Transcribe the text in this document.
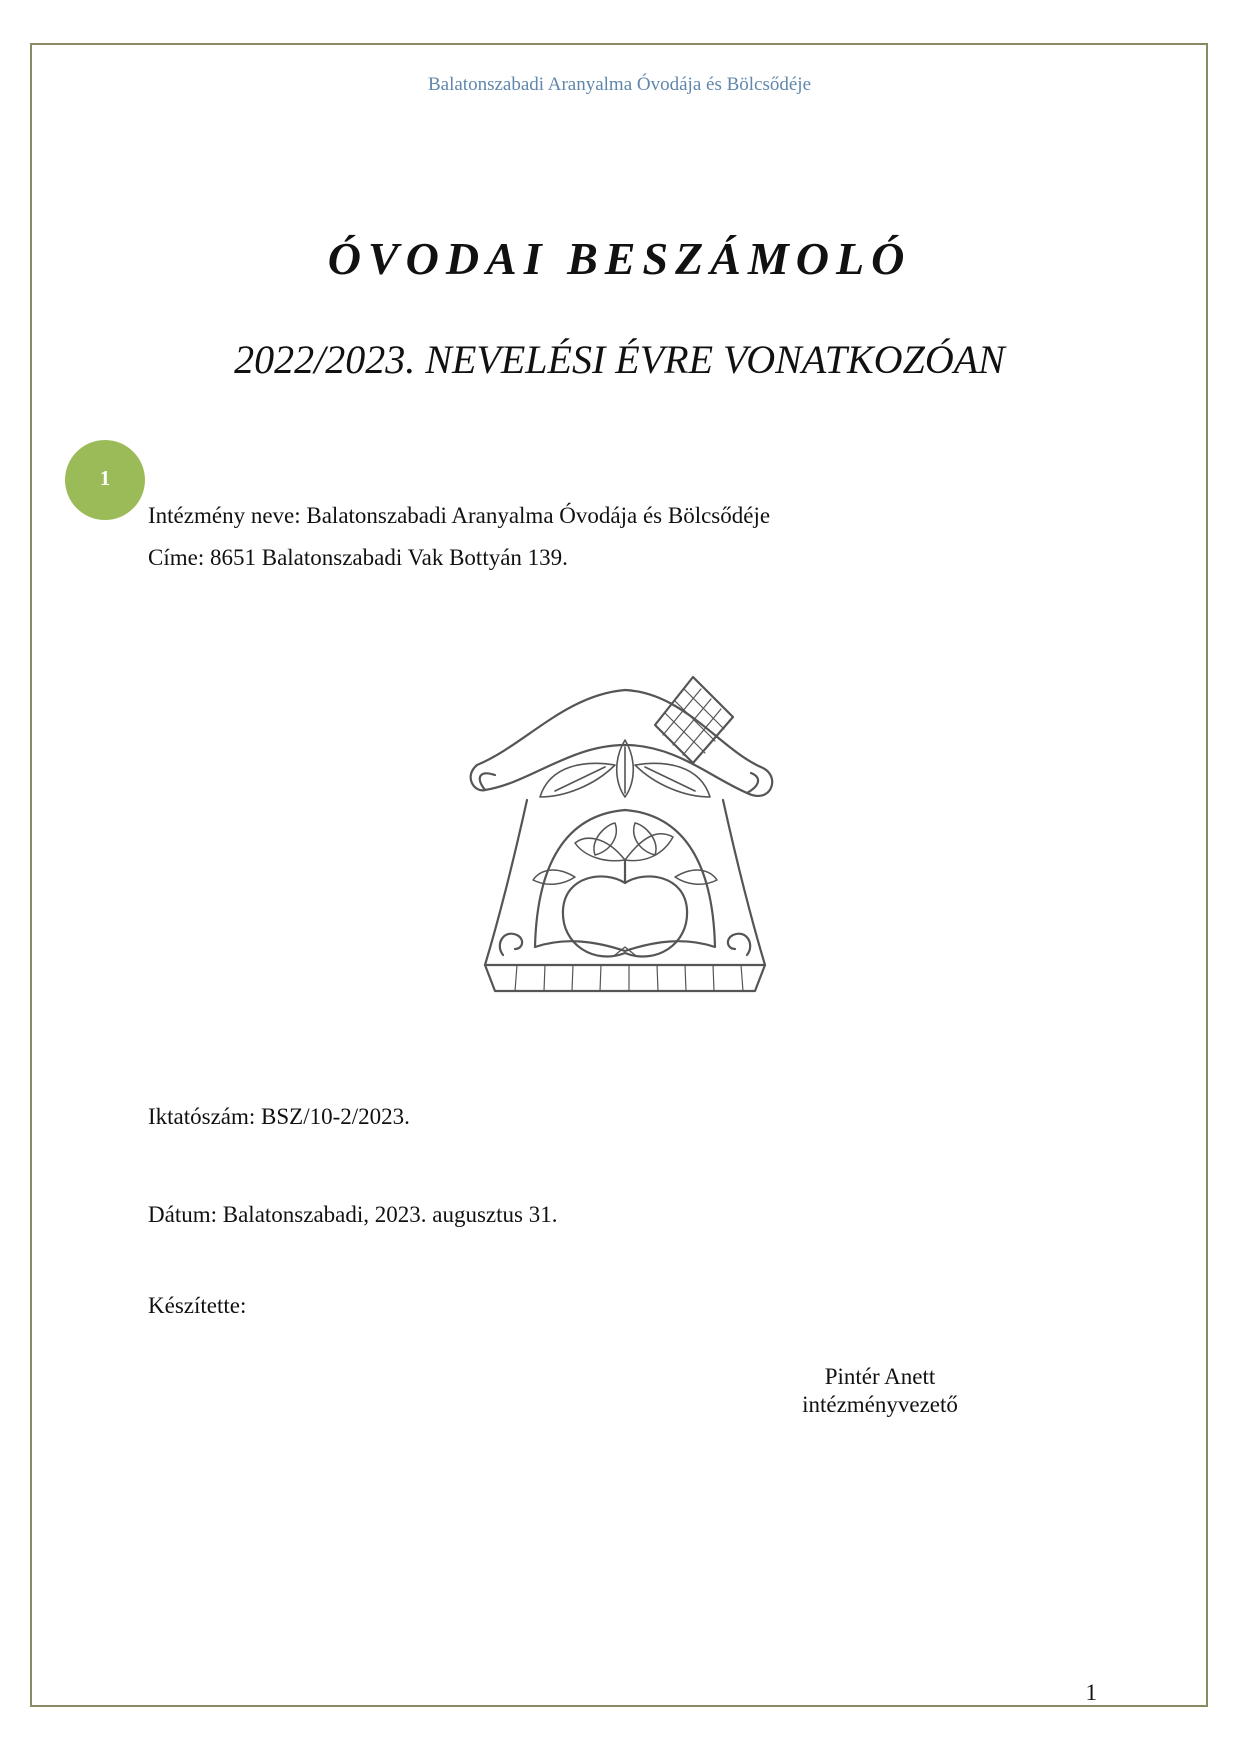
Balatonszabadi Aranyalma Óvodája és Bölcsődéje
ÓVODAI BESZÁMOLÓ
2022/2023. NEVELÉSI ÉVRE VONATKOZÓAN
1
Intézmény neve: Balatonszabadi Aranyalma Óvodája és Bölcsődéje
Címe: 8651 Balatonszabadi Vak Bottyán 139.
Iktatószám: BSZ/10-2/2023.
Dátum: Balatonszabadi, 2023. augusztus 31.
Készítette:
Pintér Anett
intézményvezető
1
